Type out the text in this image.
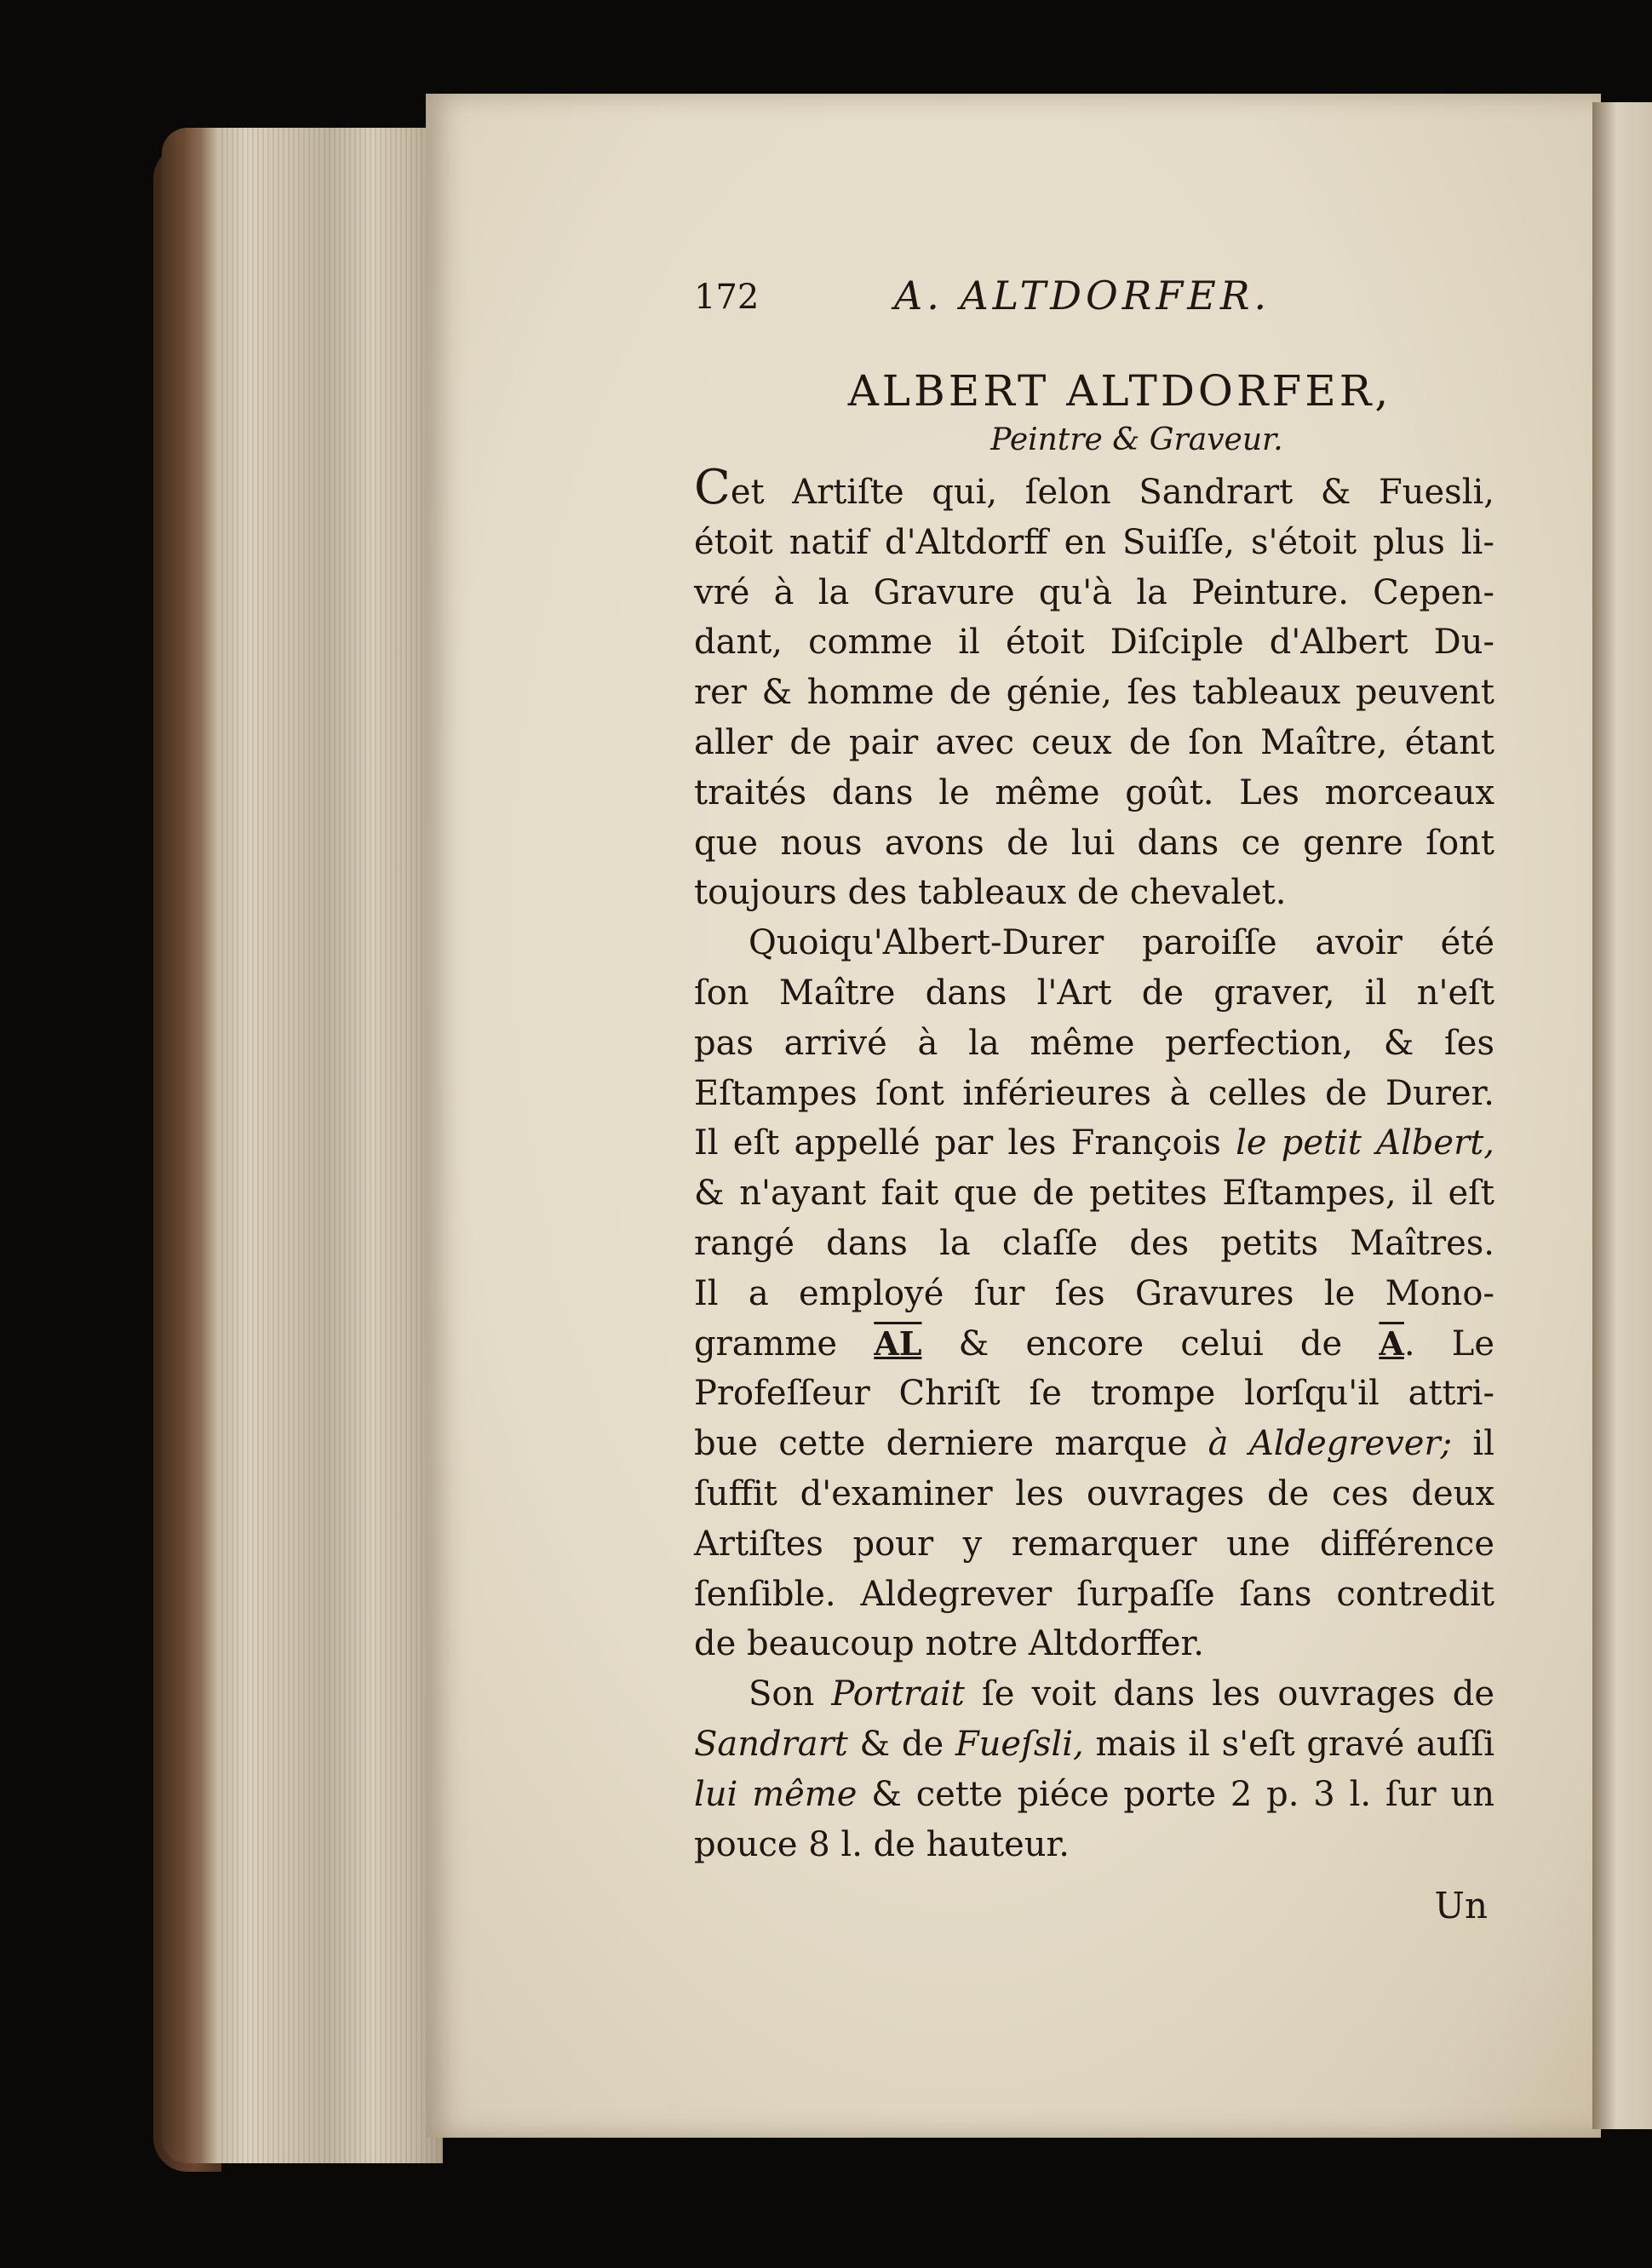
172	A. ALTDORFER.
ALBERT ALTDORFER,
Peintre & Graveur.

Cet Artiſte qui, ſelon Sandrart & Fuesli,

étoit natif d'Altdorff en Suiſſe, s'étoit plus li-

vré à la Gravure qu'à la Peinture. Cepen-

dant, comme il étoit Diſciple d'Albert Du-

rer & homme de génie, ſes tableaux peuvent

aller de pair avec ceux de ſon Maître, étant

traités dans le même goût. Les morceaux

que nous avons de lui dans ce genre ſont

toujours des tableaux de chevalet.

Quoiqu'Albert-Durer paroiſſe avoir été

ſon Maître dans l'Art de graver, il n'eſt

pas arrivé à la même perfection, & ſes

Eſtampes ſont inférieures à celles de Durer.

Il eſt appellé par les François le petit Albert,

& n'ayant fait que de petites Eſtampes, il eſt

rangé dans la claſſe des petits Maîtres.

Il a employé ſur ſes Gravures le Mono-

gramme AL & encore celui de A. Le

Profeſſeur Chriſt ſe trompe lorſqu'il attri-

bue cette derniere marque à Aldegrever; il

ſuffit d'examiner les ouvrages de ces deux

Artiſtes pour y remarquer une différence

ſenſible. Aldegrever ſurpaſſe ſans contredit

de beaucoup notre Altdorffer.

Son Portrait ſe voit dans les ouvrages de

Sandrart & de Fueſsli, mais il s'eſt gravé auſſi

lui même & cette piéce porte 2 p. 3 l. ſur un

pouce 8 l. de hauteur.

Un
